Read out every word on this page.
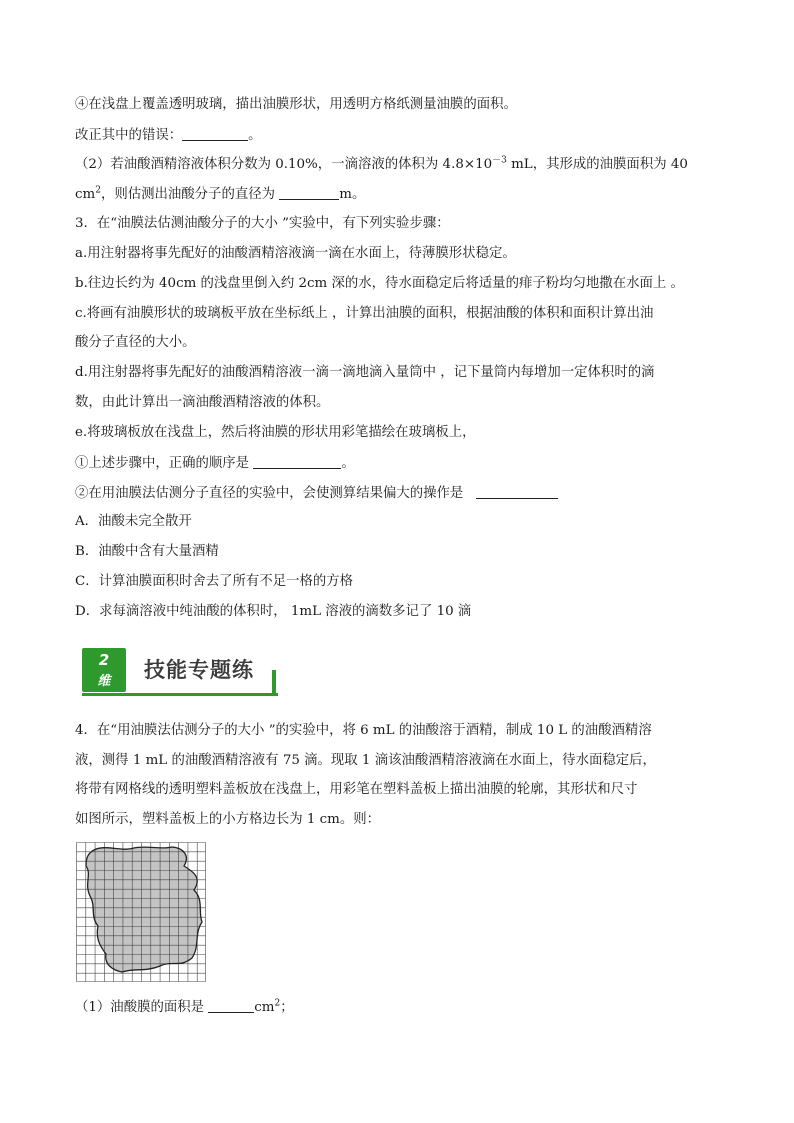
④在浅盘上覆盖透明玻璃，描出油膜形状，用透明方格纸测量油膜的面积。
改正其中的错误：	。
（2）若油酸酒精溶液体积分数为 0.10%，一滴溶液的体积为 $4.8\times 10^{-3}$ mL，其形成的油膜面积为 40
$cm^2$，则估测出油酸分子的直径为	m。
3．在“油膜法估测油酸分子的大小 ”实验中，有下列实验步骤：
a.用注射器将事先配好的油酸酒精溶液滴一滴在水面上，待薄膜形状稳定。
b.往边长约为 40cm 的浅盘里倒入约 2cm 深的水，待水面稳定后将适量的痱子粉均匀地撒在水面上 。
c.将画有油膜形状的玻璃板平放在坐标纸上 ，计算出油膜的面积，根据油酸的体积和面积计算出油
酸分子直径的大小。
d.用注射器将事先配好的油酸酒精溶液一滴一滴地滴入量筒中 ，记下量筒内每增加一定体积时的滴
数，由此计算出一滴油酸酒精溶液的体积。
e.将玻璃板放在浅盘上，然后将油膜的形状用彩笔描绘在玻璃板上，
①上述步骤中，正确的顺序是	。
②在用油膜法估测分子直径的实验中，会使测算结果偏大的操作是
A．油酸未完全散开
B．油酸中含有大量酒精
C．计算油膜面积时舍去了所有不足一格的方格
D．求每滴溶液中纯油酸的体积时， 1mL 溶液的滴数多记了 10 滴
2
维	技能专题练
4．在“用油膜法估测分子的大小 ”的实验中，将 6 mL 的油酸溶于酒精，制成 10 L 的油酸酒精溶
液，测得 1 mL 的油酸酒精溶液有 75 滴。现取 1 滴该油酸酒精溶液滴在水面上，待水面稳定后，
将带有网格线的透明塑料盖板放在浅盘上，用彩笔在塑料盖板上描出油膜的轮廓，其形状和尺寸
如图所示，塑料盖板上的小方格边长为 1 cm。则：
（1）油酸膜的面积是	$cm^2$；
